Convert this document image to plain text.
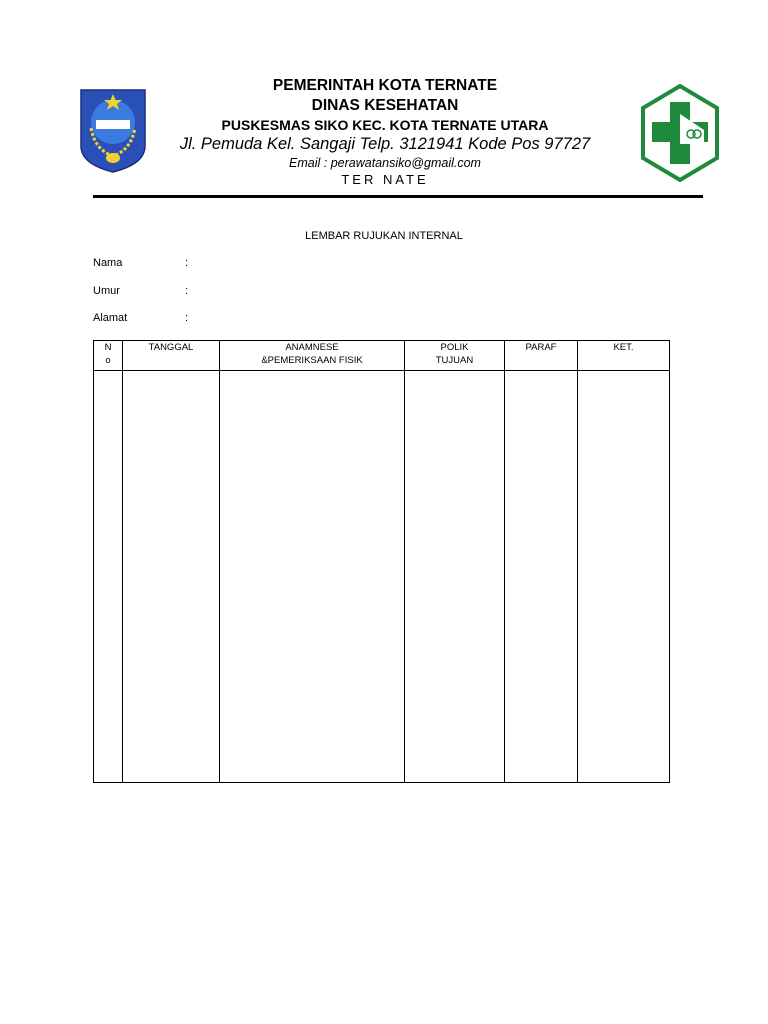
PEMERINTAH KOTA TERNATE
DINAS KESEHATAN
PUSKESMAS SIKO KEC. KOTA TERNATE UTARA
Jl. Pemuda Kel. Sangaji Telp. 3121941 Kode Pos 97727
Email : perawatansiko@gmail.com
TER NATE
LEMBAR RUJUKAN INTERNAL
Nama	:
Umur	:
Alamat	:
N o	TANGGAL	ANAMNESE &PEMERIKSAAN FISIK	POLIK TUJUAN	PARAF	KET.
